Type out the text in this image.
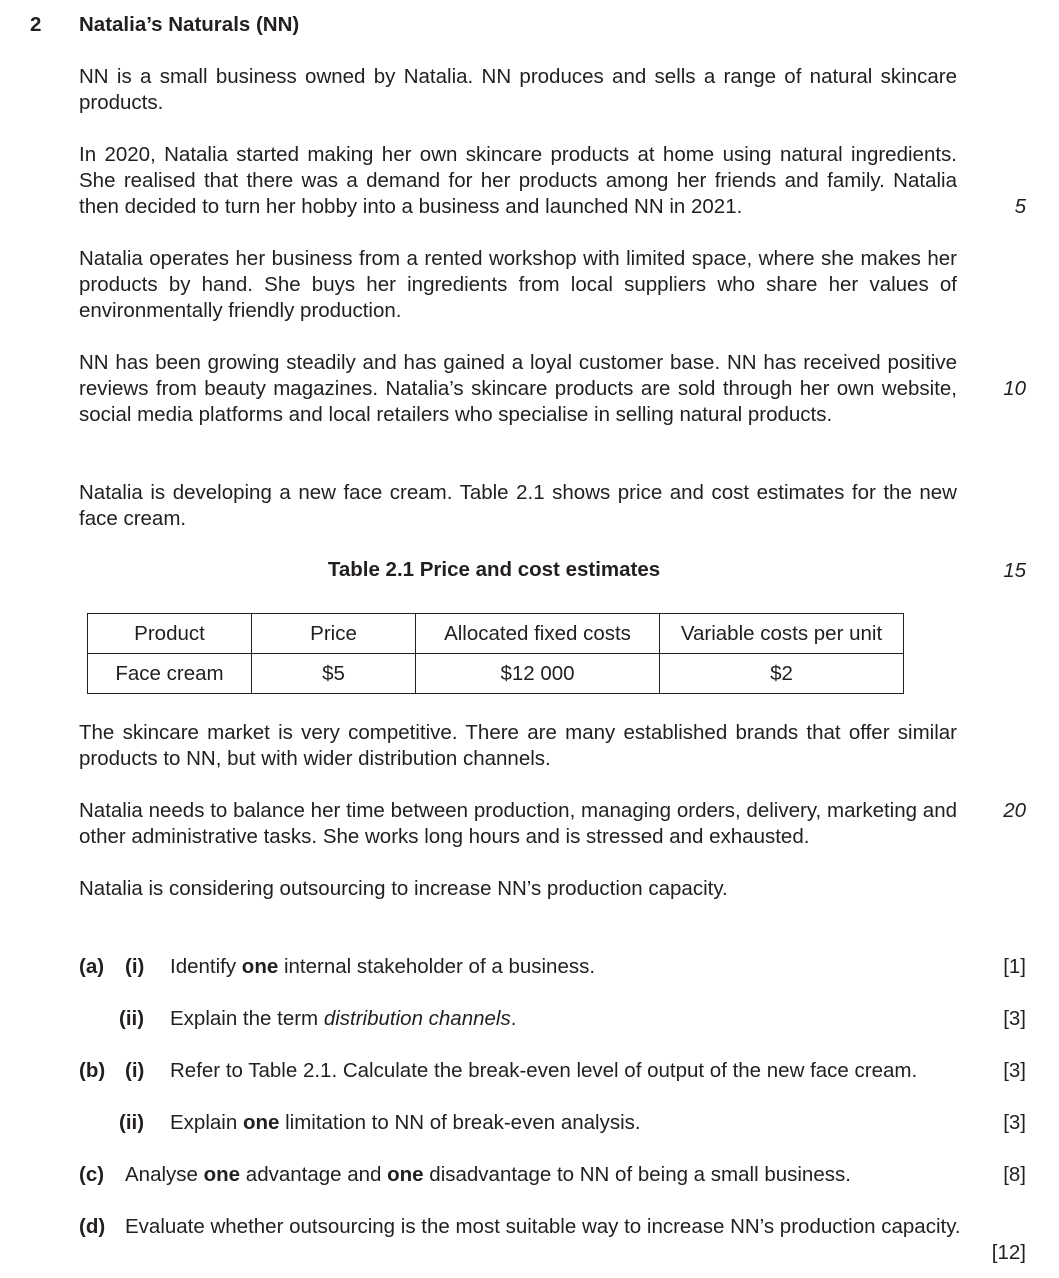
2 Natalia’s Naturals (NN)

NN is a small business owned by Natalia. NN produces and sells a range of natural skincare products.

In 2020, Natalia started making her own skincare products at home using natural ingredients. She realised that there was a demand for her products among her friends and family. Natalia then decided to turn her hobby into a business and launched NN in 2021.

Natalia operates her business from a rented workshop with limited space, where she makes her products by hand. She buys her ingredients from local suppliers who share her values of environmentally friendly production.

NN has been growing steadily and has gained a loyal customer base. NN has received positive reviews from beauty magazines. Natalia’s skincare products are sold through her own website, social media platforms and local retailers who specialise in selling natural products.

Natalia is developing a new face cream. Table 2.1 shows price and cost estimates for the new face cream.

5
10
15
20
Table 2.1 Price and cost estimates
Product	Price	Allocated fixed costs	Variable costs per unit
Face cream	$5	$12 000	$2

The skincare market is very competitive. There are many established brands that offer similar products to NN, but with wider distribution channels.

Natalia needs to balance her time between production, managing orders, delivery, marketing and other administrative tasks. She works long hours and is stressed and exhausted.

Natalia is considering outsourcing to increase NN’s production capacity.

(a) (i) Identify one internal stakeholder of a business.	[1]
(ii) Explain the term distribution channels.	[3]
(b) (i) Refer to Table 2.1. Calculate the break-even level of output of the new face cream.	[3]
(ii) Explain one limitation to NN of break-even analysis.	[3]
(c) Analyse one advantage and one disadvantage to NN of being a small business.	[8]
(d) Evaluate whether outsourcing is the most suitable way to increase NN’s production capacity.
[12]
